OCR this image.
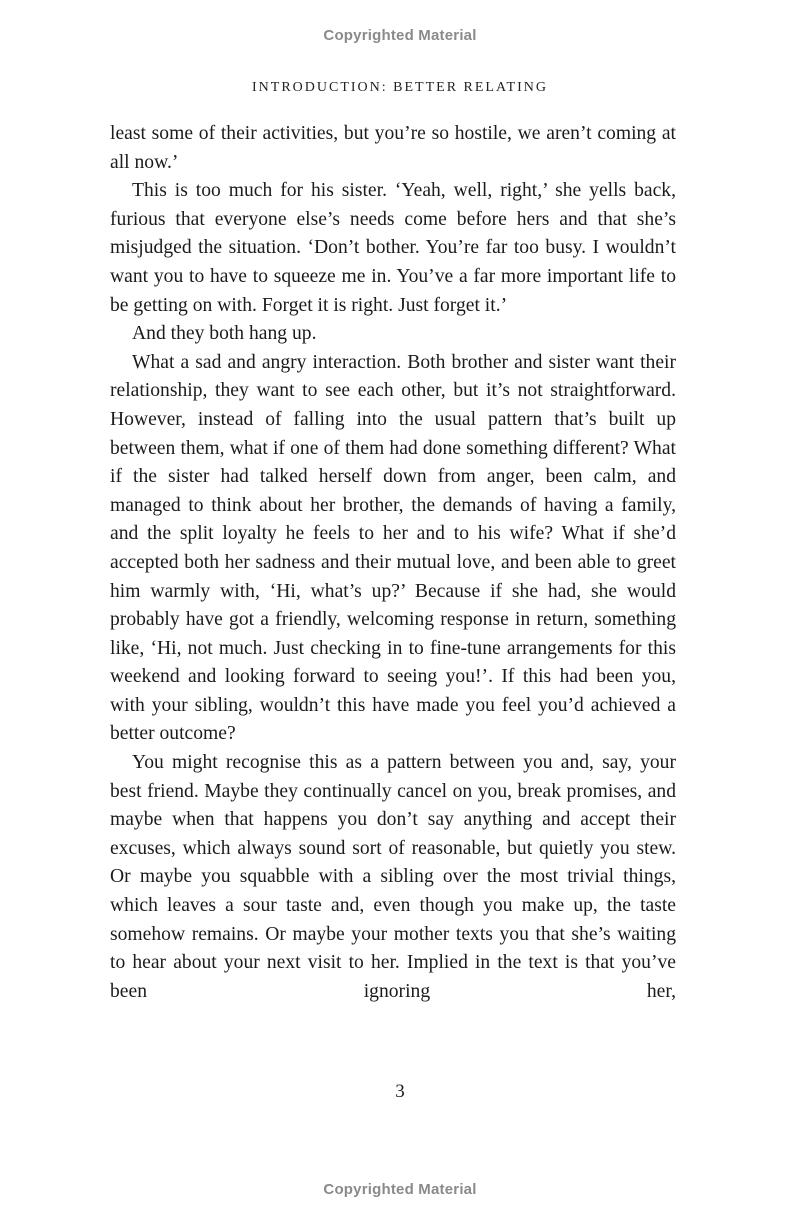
Copyrighted Material
INTRODUCTION: BETTER RELATING

least some of their activities, but you’re so hostile, we aren’t coming at all now.’

This is too much for his sister. ‘Yeah, well, right,’ she yells back, furious that everyone else’s needs come before hers and that she’s misjudged the situation. ‘Don’t bother. You’re far too busy. I wouldn’t want you to have to squeeze me in. You’ve a far more important life to be getting on with. Forget it is right. Just forget it.’

And they both hang up.

What a sad and angry interaction. Both brother and sister want their relationship, they want to see each other, but it’s not straightforward. However, instead of falling into the usual pattern that’s built up between them, what if one of them had done something different? What if the sister had talked herself down from anger, been calm, and managed to think about her brother, the demands of having a family, and the split loyalty he feels to her and to his wife? What if she’d accepted both her sadness and their mutual love, and been able to greet him warmly with, ‘Hi, what’s up?’ Because if she had, she would probably have got a friendly, welcoming response in return, something like, ‘Hi, not much. Just checking in to fine-tune arrangements for this weekend and looking forward to seeing you!’. If this had been you, with your sibling, wouldn’t this have made you feel you’d achieved a better outcome?

You might recognise this as a pattern between you and, say, your best friend. Maybe they continually cancel on you, break promises, and maybe when that happens you don’t say anything and accept their excuses, which always sound sort of reasonable, but quietly you stew. Or maybe you squabble with a sibling over the most trivial things, which leaves a sour taste and, even though you make up, the taste somehow remains. Or maybe your mother texts you that she’s waiting to hear about your next visit to her. Implied in the text is that you’ve been ignoring her,

3
Copyrighted Material
